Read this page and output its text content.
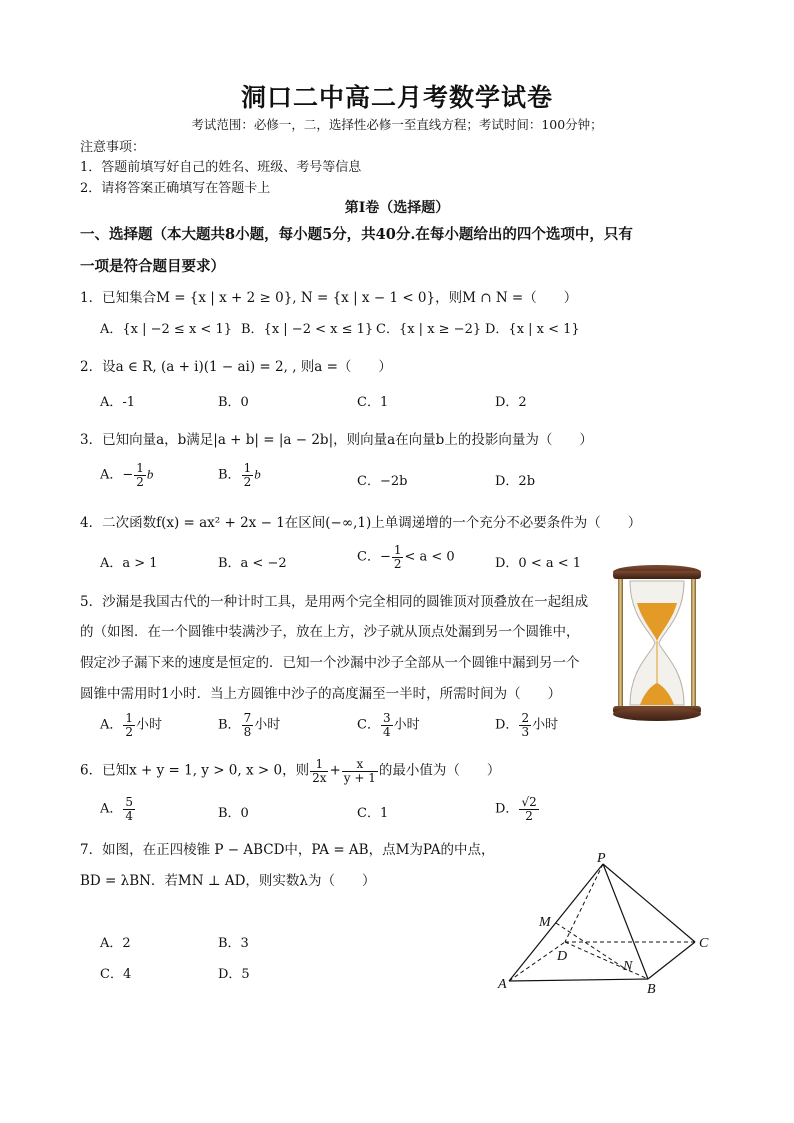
洞口二中高二月考数学试卷
考试范围：必修一，二，选择性必修一至直线方程；考试时间：100分钟；
注意事项：
1．答题前填写好自己的姓名、班级、考号等信息
2．请将答案正确填写在答题卡上
第Ⅰ卷（选择题）
一、选择题（本大题共8小题，每小题5分，共40分.在每小题给出的四个选项中，只有
一项是符合题目要求）
1．已知集合M = {x | x + 2 ≥ 0}, N = {x | x − 1 < 0}，则M ∩ N =（　　）
A．{x | −2 ≤ x < 1} B．{x | −2 < x ≤ 1} C．{x | x ≥ −2} D．{x | x < 1}
2．设a ∈ R, (a + i)(1 − ai) = 2, , 则a =（　　）
A．-1	B．0	C．1	D．2
3．已知向量a，b满足|a + b| = |a − 2b|，则向量a在向量b上的投影向量为（　　）
A．− $\frac{1}{2}$ b	B． $\frac{1}{2}$ b	C．−2b	D．2b
4．二次函数f(x) = ax² + 2x − 1在区间(−∞,1)上单调递增的一个充分不必要条件为（　　）
A．a > 1	B．a < −2	C．− $\frac{1}{2} < a < 0$	D．0 < a < 1
5．沙漏是我国古代的一种计时工具，是用两个完全相同的圆锥顶对顶叠放在一起组成
的（如图．在一个圆锥中装满沙子，放在上方，沙子就从顶点处漏到另一个圆锥中，
假定沙子漏下来的速度是恒定的．已知一个沙漏中沙子全部从一个圆锥中漏到另一个
圆锥中需用时1小时．当上方圆锥中沙子的高度漏至一半时，所需时间为（　　）
A． $\frac{1}{2}$ 小时	B． $\frac{7}{8}$ 小时	C． $\frac{3}{4}$ 小时	D． $\frac{2}{3}$ 小时
6．已知x + y = 1, y > 0, x > 0，则 $\frac{1}{2x} + \frac{x}{y + 1}$ 的最小值为（　　）
A． $\frac{5}{4}$	B．0	C．1	D． $\frac{√2}{2}$
7．如图，在正四棱锥 P − ABCD中，PA = AB，点M为PA的中点，
BD = λBN．若MN ⊥ AD，则实数λ为（　　）
A．2	B．3
C．4	D．5
P
M
D
C
N
A	B
